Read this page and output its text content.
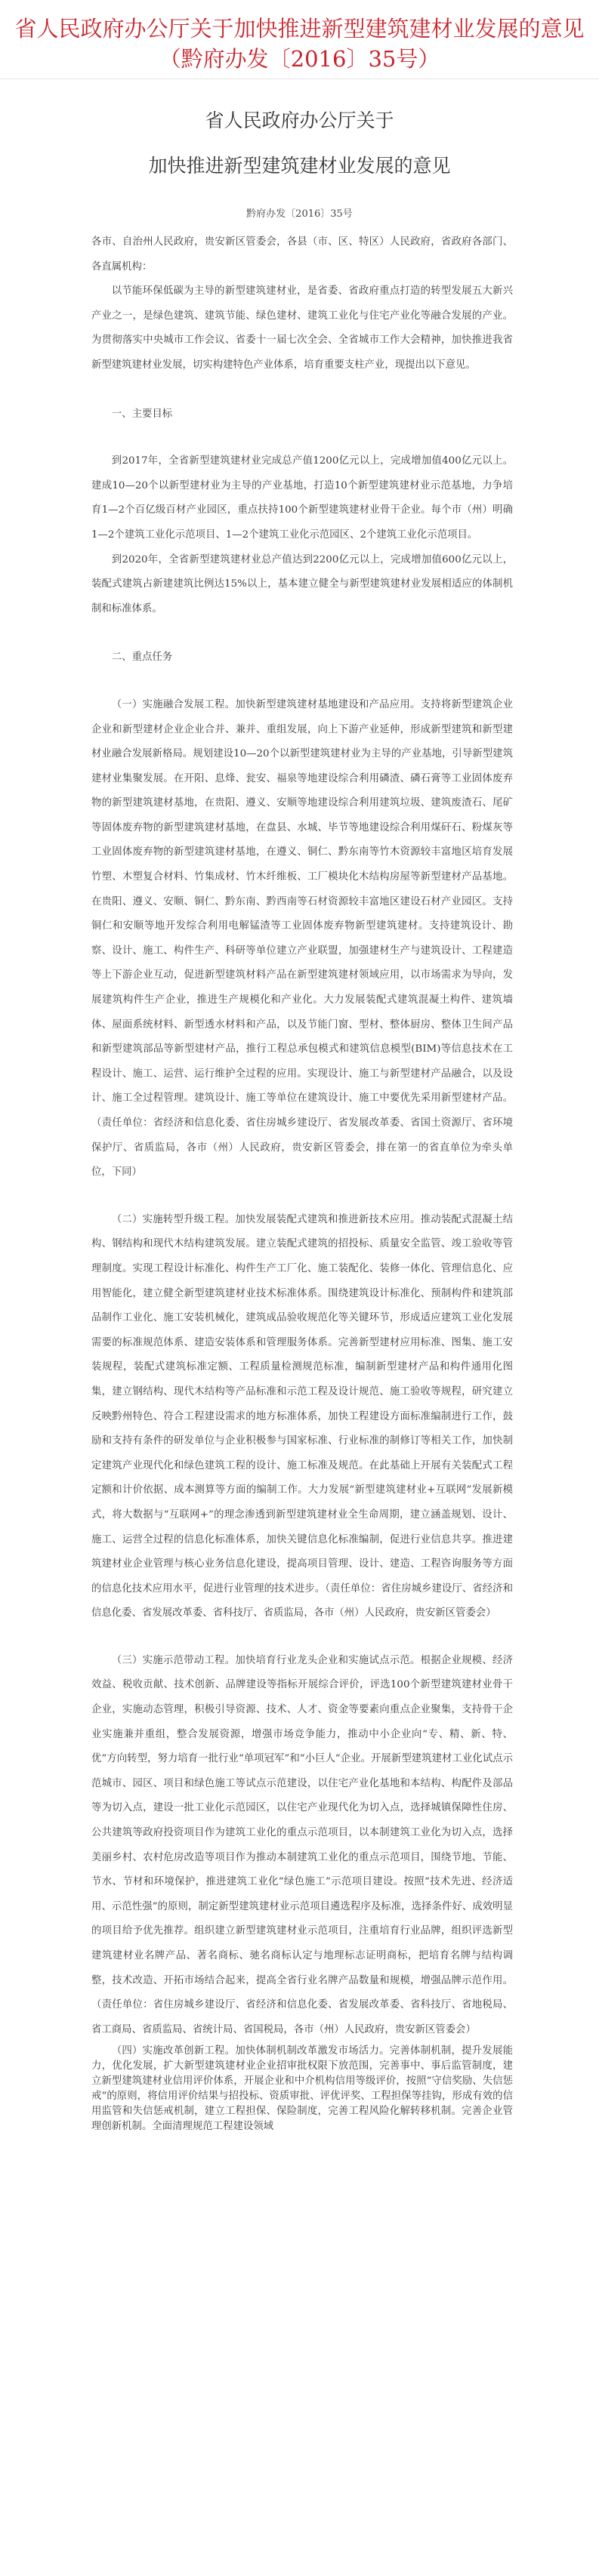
省人民政府办公厅关于加快推进新型建筑建材业发展的意见（黔府办发〔2016〕35号）
省人民政府办公厅关于
加快推进新型建筑建材业发展的意见
黔府办发〔2016〕35号

各市、自治州人民政府，贵安新区管委会，各县（市、区、特区）人民政府，省政府各部门、各直属机构：

以节能环保低碳为主导的新型建筑建材业，是省委、省政府重点打造的转型发展五大新兴产业之一，是绿色建筑、建筑节能、绿色建材、建筑工业化与住宅产业化等融合发展的产业。为贯彻落实中央城市工作会议、省委十一届七次全会、全省城市工作大会精神，加快推进我省新型建筑建材业发展，切实构建特色产业体系，培育重要支柱产业，现提出以下意见。

一、主要目标

到2017年，全省新型建筑建材业完成总产值1200亿元以上，完成增加值400亿元以上。建成10—20个以新型建材业为主导的产业基地，打造10个新型建筑建材业示范基地，力争培育1—2个百亿级百材产业园区，重点扶持100个新型建筑建材业骨干企业。每个市（州）明确1—2个建筑工业化示范项目、1—2个建筑工业化示范园区、2个建筑工业化示范项目。

到2020年，全省新型建筑建材业总产值达到2200亿元以上，完成增加值600亿元以上，装配式建筑占新建建筑比例达15%以上，基本建立健全与新型建筑建材业发展相适应的体制机制和标准体系。

二、重点任务

（一）实施融合发展工程。加快新型建筑建材基地建设和产品应用。支持将新型建筑企业企业和新型建材企业企业合并、兼并、重组发展，向上下游产业延伸，形成新型建筑和新型建材业融合发展新格局。规划建设10—20个以新型建筑建材业为主导的产业基地，引导新型建筑建材业集聚发展。在开阳、息烽、瓮安、福泉等地建设综合利用磷渣、磷石膏等工业固体废弃物的新型建筑建材基地，在贵阳、遵义、安顺等地建设综合利用建筑垃圾、建筑废渣石、尾矿等固体废弃物的新型建筑建材基地，在盘县、水城、毕节等地建设综合利用煤矸石、粉煤灰等工业固体废弃物的新型建筑建材基地，在遵义、铜仁、黔东南等竹木资源较丰富地区培育发展竹塑、木塑复合材料、竹集成材、竹木纤维板、工厂模块化木结构房屋等新型建材产品基地。在贵阳、遵义、安顺、铜仁、黔东南、黔西南等石材资源较丰富地区建设石材产业园区。支持铜仁和安顺等地开发综合利用电解锰渣等工业固体废弃物新型建筑建材。支持建筑设计、勘察、设计、施工、构件生产、科研等单位建立产业联盟，加强建材生产与建筑设计、工程建造等上下游企业互动，促进新型建筑材料产品在新型建筑建材领域应用，以市场需求为导向，发展建筑构件生产企业，推进生产规模化和产业化。大力发展装配式建筑混凝土构件、建筑墙体、屋面系统材料、新型透水材料和产品，以及节能门窗、型材、整体厨房、整体卫生间产品和新型建筑部品等新型建材产品，推行工程总承包模式和建筑信息模型(BIM)等信息技术在工程设计、施工、运营、运行维护全过程的应用。实现设计、施工与新型建材产品融合，以及设计、施工全过程管理。建筑设计、施工等单位在建筑设计、施工中要优先采用新型建材产品。（责任单位：省经济和信息化委、省住房城乡建设厅、省发展改革委、省国土资源厅、省环境保护厅、省质监局，各市（州）人民政府，贵安新区管委会，排在第一的省直单位为牵头单位，下同）

（二）实施转型升级工程。加快发展装配式建筑和推进新技术应用。推动装配式混凝土结构、钢结构和现代木结构建筑发展。建立装配式建筑的招投标、质量安全监管、竣工验收等管理制度。实现工程设计标准化、构件生产工厂化、施工装配化、装修一体化、管理信息化、应用智能化，建立健全新型建筑建材业技术标准体系。围绕建筑设计标准化、预制构件和建筑部品制作工业化、施工安装机械化，建筑成品验收规范化等关键环节，形成适应建筑工业化发展需要的标准规范体系、建造安装体系和管理服务体系。完善新型建材应用标准、图集、施工安装规程，装配式建筑标准定额、工程质量检测规范标准，编制新型建材产品和构件通用化图集，建立钢结构、现代木结构等产品标准和示范工程及设计规范、施工验收等规程，研究建立反映黔州特色、符合工程建设需求的地方标准体系，加快工程建设方面标准编制进行工作，鼓励和支持有条件的研发单位与企业积极参与国家标准、行业标准的制修订等相关工作，加快制定建筑产业现代化和绿色建筑工程的设计、施工标准及规范。在此基础上开展有关装配式工程定额和计价依据、成本测算等方面的编制工作。大力发展“新型建筑建材业+互联网”发展新模式，将大数据与“互联网+”的理念渗透到新型建筑建材业全生命周期，建立涵盖规划、设计、施工、运营全过程的信息化标准体系，加快关键信息化标准编制，促进行业信息共享。推进建筑建材业企业管理与核心业务信息化建设，提高项目管理、设计、建造、工程咨询服务等方面的信息化技术应用水平，促进行业管理的技术进步。（责任单位：省住房城乡建设厅、省经济和信息化委、省发展改革委、省科技厅、省质监局，各市（州）人民政府，贵安新区管委会）

（三）实施示范带动工程。加快培育行业龙头企业和实施试点示范。根据企业规模、经济效益、税收贡献、技术创新、品牌建设等指标开展综合评价，评选100个新型建筑建材业骨干企业，实施动态管理，积极引导资源、技术、人才、资金等要素向重点企业聚集，支持骨干企业实施兼并重组，整合发展资源，增强市场竞争能力，推动中小企业向“专、精、新、特、优”方向转型，努力培育一批行业“单项冠军”和“小巨人”企业。开展新型建筑建材工业化试点示范城市、园区、项目和绿色施工等试点示范建设，以住宅产业化基地和本结构、构配件及部品等为切入点，建设一批工业化示范园区，以住宅产业现代化为切入点，选择城镇保障性住房、公共建筑等政府投资项目作为建筑工业化的重点示范项目，以本制建筑工业化为切入点，选择美丽乡村、农村危房改造等项目作为推动本制建筑工业化的重点示范项目，围绕节地、节能、节水、节材和环境保护，推进建筑工业化“绿色施工”示范项目建设。按照“技术先进、经济适用、示范性强”的原则，制定新型建筑建材业示范项目遴选程序及标准，选择条件好、成效明显的项目给予优先推荐。组织建立新型建筑建材业示范项目，注重培育行业品牌，组织评选新型建筑建材业名牌产品、著名商标、驰名商标认定与地理标志证明商标，把培育名牌与结构调整，技术改造、开拓市场结合起来，提高全省行业名牌产品数量和规模，增强品牌示范作用。（责任单位：省住房城乡建设厅、省经济和信息化委、省发展改革委、省科技厅、省地税局、省工商局、省质监局、省统计局、省国税局，各市（州）人民政府，贵安新区管委会）

（四）实施改革创新工程。加快体制机制改革激发市场活力。完善体制机制，提升发展能力，优化发展，扩大新型建筑建材业企业招审批权限下放范围，完善事中、事后监管制度，建立新型建筑建材业信用评价体系，开展企业和中介机构信用等级评价，按照“守信奖励、失信惩戒”的原则，将信用评价结果与招投标、资质审批、评优评奖、工程担保等挂钩，形成有效的信用监管和失信惩戒机制，建立工程担保、保险制度，完善工程风险化解转移机制。完善企业管理创新机制。全面清理规范工程建设领域
